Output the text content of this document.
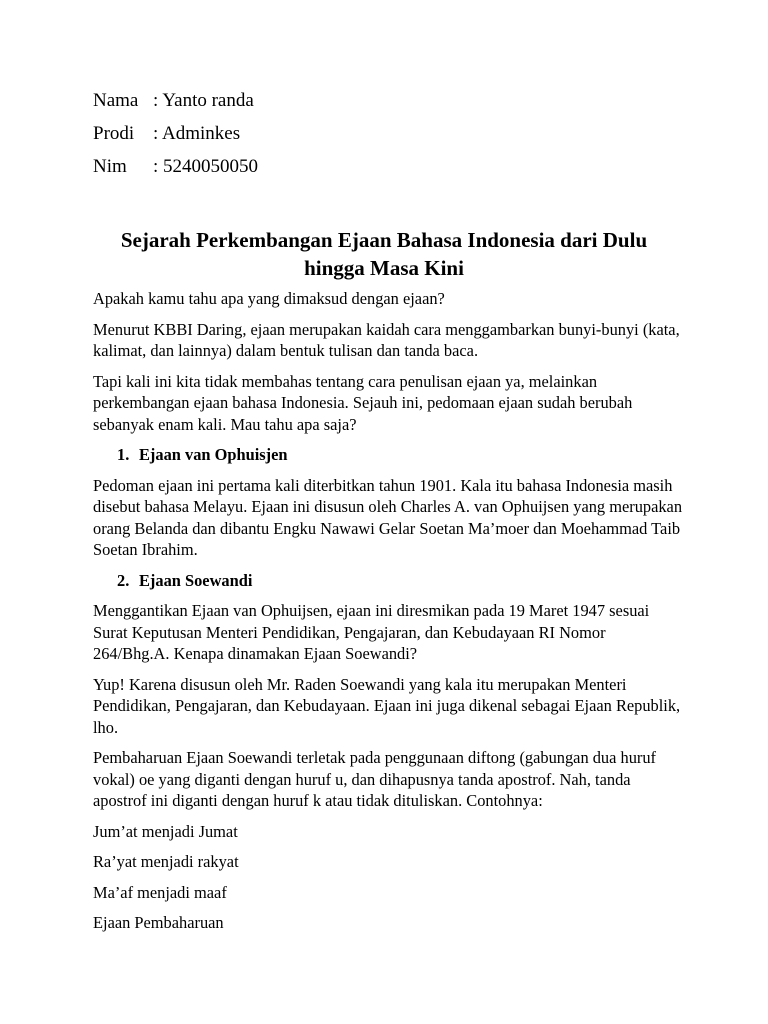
Nama : Yanto randa
Prodi : Adminkes
Nim : 5240050050
Sejarah Perkembangan Ejaan Bahasa Indonesia dari Dulu hingga Masa Kini

Apakah kamu tahu apa yang dimaksud dengan ejaan?

Menurut KBBI Daring, ejaan merupakan kaidah cara menggambarkan bunyi-bunyi (kata, kalimat, dan lainnya) dalam bentuk tulisan dan tanda baca.

Tapi kali ini kita tidak membahas tentang cara penulisan ejaan ya, melainkan perkembangan ejaan bahasa Indonesia. Sejauh ini, pedomaan ejaan sudah berubah sebanyak enam kali. Mau tahu apa saja?

1. Ejaan van Ophuisjen

Pedoman ejaan ini pertama kali diterbitkan tahun 1901. Kala itu bahasa Indonesia masih disebut bahasa Melayu. Ejaan ini disusun oleh Charles A. van Ophuijsen yang merupakan orang Belanda dan dibantu Engku Nawawi Gelar Soetan Ma’moer dan Moehammad Taib Soetan Ibrahim.

2. Ejaan Soewandi

Menggantikan Ejaan van Ophuijsen, ejaan ini diresmikan pada 19 Maret 1947 sesuai Surat Keputusan Menteri Pendidikan, Pengajaran, dan Kebudayaan RI Nomor 264/Bhg.A. Kenapa dinamakan Ejaan Soewandi?

Yup! Karena disusun oleh Mr. Raden Soewandi yang kala itu merupakan Menteri Pendidikan, Pengajaran, dan Kebudayaan. Ejaan ini juga dikenal sebagai Ejaan Republik, lho.

Pembaharuan Ejaan Soewandi terletak pada penggunaan diftong (gabungan dua huruf vokal) oe yang diganti dengan huruf u, dan dihapusnya tanda apostrof. Nah, tanda apostrof ini diganti dengan huruf k atau tidak dituliskan. Contohnya:

Jum’at menjadi Jumat

Ra’yat menjadi rakyat

Ma’af menjadi maaf

Ejaan Pembaharuan
